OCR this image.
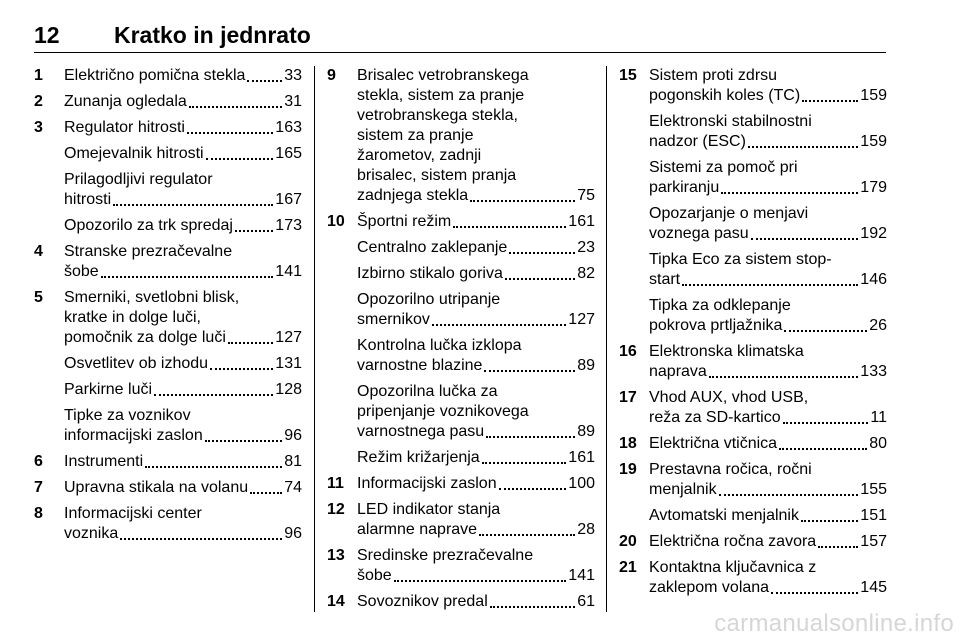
12 Kratko in jednrato
1 Električno pomična stekla 33
2 Zunanja ogledala	31
3 Regulator hitrosti	163
Omejevalnik hitrosti	165
Prilagodljivi regulator
hitrosti	167
Opozorilo za trk spredaj	173
4 Stranske prezračevalne
šobe	141
5 Smerniki, svetlobni blisk,
kratke in dolge luči,
pomočnik za dolge luči	127
Osvetlitev ob izhodu	131
Parkirne luči	128
Tipke za voznikov
informacijski zaslon	96
6 Instrumenti	81
7 Upravna stikala na volanu 74
8 Informacijski center
voznika	96
9 Brisalec vetrobranskega
stekla, sistem za pranje
vetrobranskega stekla,
sistem za pranje
žarometov, zadnji
brisalec, sistem pranja
zadnjega stekla	75
10 Športni režim	161
Centralno zaklepanje	23
Izbirno stikalo goriva	82
Opozorilno utripanje
smernikov	127
Kontrolna lučka izklopa
varnostne blazine	89
Opozorilna lučka za
pripenjanje voznikovega
varnostnega pasu	89
Režim križarjenja	161
11 Informacijski zaslon	100
12 LED indikator stanja
alarmne naprave	28
13 Sredinske prezračevalne
šobe	141
14 Sovoznikov predal	61
15 Sistem proti zdrsu
pogonskih koles (TC)	159
Elektronski stabilnostni
nadzor (ESC)	159
Sistemi za pomoč pri
parkiranju	179
Opozarjanje o menjavi
voznega pasu	192
Tipka Eco za sistem stop-
start	146
Tipka za odklepanje
pokrova prtljažnika	26
16 Elektronska klimatska
naprava	133
17 Vhod AUX, vhod USB,
reža za SD-kartico	11
18 Električna vtičnica	80
19 Prestavna ročica, ročni
menjalnik	155
Avtomatski menjalnik	151
20 Električna ročna zavora	157
21 Kontaktna ključavnica z
zaklepom volana	145
carmanualsonline.info
